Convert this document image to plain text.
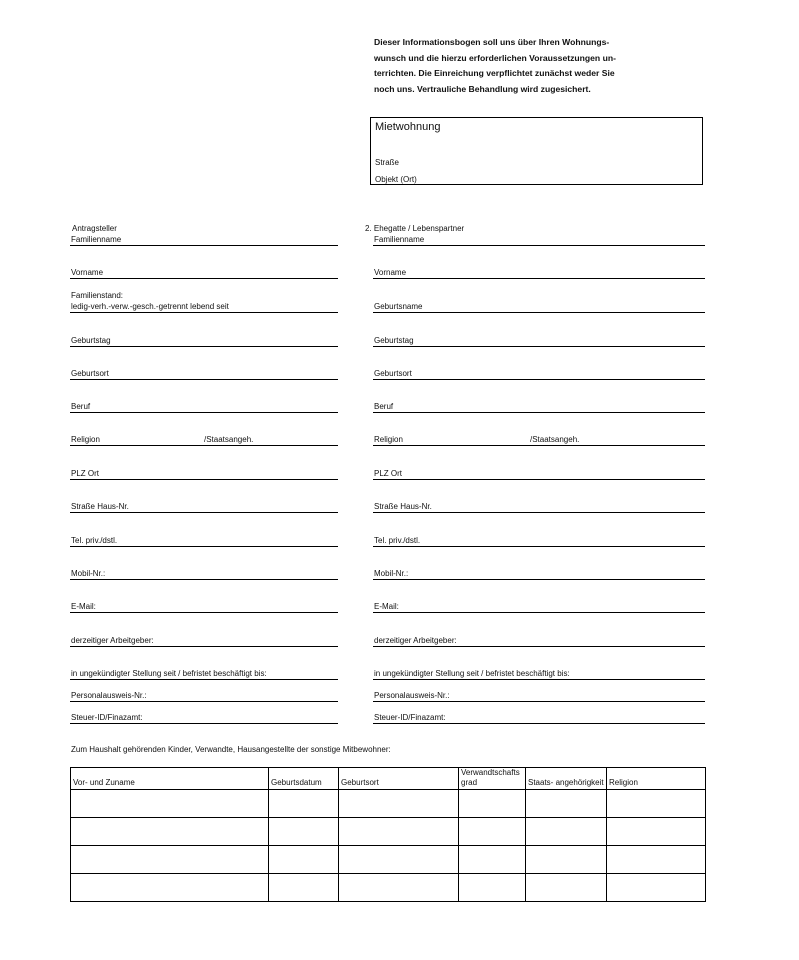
Dieser Informationsbogen soll uns über Ihren Wohnungs-
wunsch und die hierzu erforderlichen Voraussetzungen un-
terrichten. Die Einreichung verpflichtet zunächst weder Sie
noch uns. Vertrauliche Behandlung wird zugesichert.

Mietwohnung
Straße
Objekt (Ort)
Antragsteller	2. Ehegatte / Lebenspartner
Familienname
Vorname
Familienstand:
ledig-verh.-verw.-gesch.-getrennt lebend seit
Geburtstag
Geburtsort
Beruf
Religion	/Staatsangeh.
PLZ Ort
Straße Haus-Nr.
Tel. priv./dstl.
Mobil-Nr.:
E-Mail:
derzeitiger Arbeitgeber:
in ungekündigter Stellung seit / befristet beschäftigt bis:
Personalausweis-Nr.:
Steuer-ID/Finazamt:
Familienname
Vorname
Geburtsname
Geburtstag
Geburtsort
Beruf
Religion	/Staatsangeh.
PLZ Ort
Straße Haus-Nr.
Tel. priv./dstl.
Mobil-Nr.:
E-Mail:
derzeitiger Arbeitgeber:
in ungekündigter Stellung seit / befristet beschäftigt bis:
Personalausweis-Nr.:
Steuer-ID/Finazamt:
Zum Haushalt gehörenden Kinder, Verwandte, Hausangestellte der sonstige Mitbewohner:
Vor- und Zuname	Geburtsdatum	Geburtsort	Verwandtschafts grad	Staats- angehörigkeit	Religion
